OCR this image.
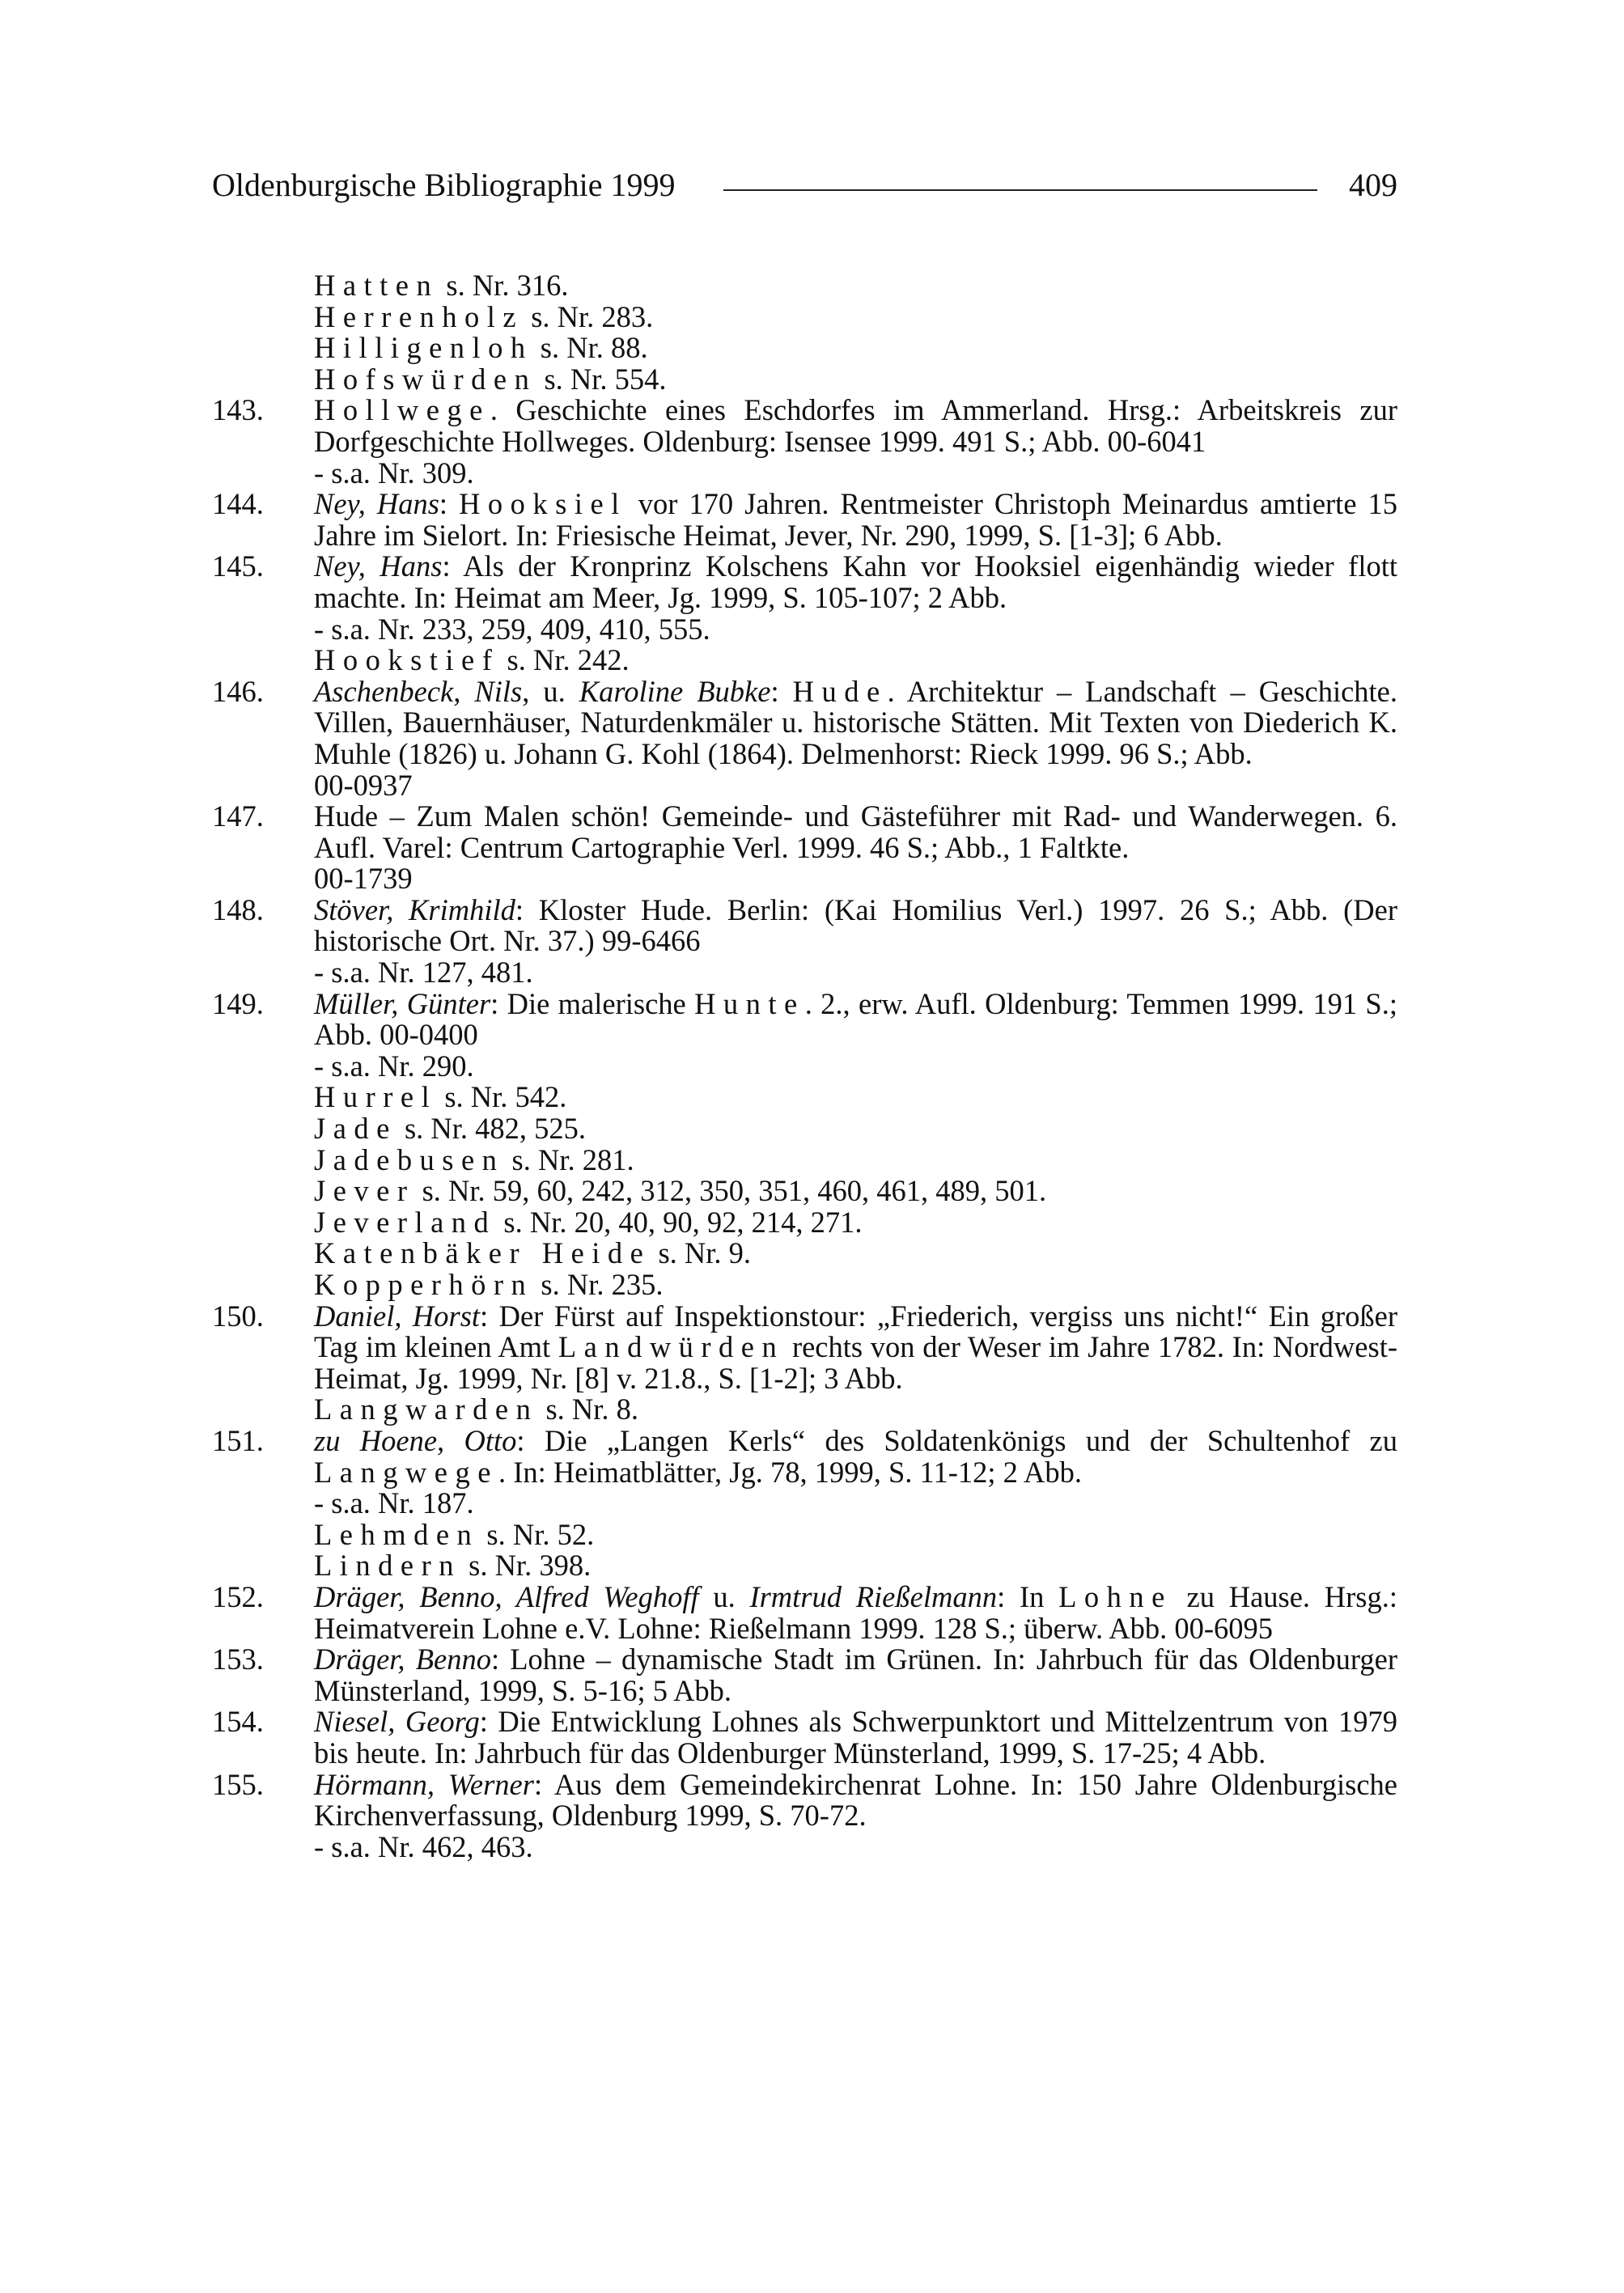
Oldenburgische Bibliographie 1999	409
Hatten s. Nr. 316.
Herrenholz s. Nr. 283.
Hilligenloh s. Nr. 88.
Hofswürden s. Nr. 554.
143. Hollwege. Geschichte eines Eschdorfes im Ammerland. Hrsg.: Arbeitskreis zur Dorfgeschichte Hollweges. Oldenburg: Isensee 1999. 491 S.; Abb. 00-6041
- s.a. Nr. 309.
144. Ney, Hans: Hooksiel vor 170 Jahren. Rentmeister Christoph Meinardus amtierte 15 Jahre im Sielort. In: Friesische Heimat, Jever, Nr. 290, 1999, S. [1-3]; 6 Abb.
145. Ney, Hans: Als der Kronprinz Kolschens Kahn vor Hooksiel eigenhändig wieder flott machte. In: Heimat am Meer, Jg. 1999, S. 105-107; 2 Abb.
- s.a. Nr. 233, 259, 409, 410, 555.
Hookstief s. Nr. 242.
146. Aschenbeck, Nils, u. Karoline Bubke: Hude. Architektur – Landschaft – Geschichte. Villen, Bauernhäuser, Naturdenkmäler u. historische Stätten. Mit Texten von Diederich K. Muhle (1826) u. Johann G. Kohl (1864). Delmenhorst: Rieck 1999. 96 S.; Abb.
00-0937
147. Hude – Zum Malen schön! Gemeinde- und Gästeführer mit Rad- und Wanderwegen. 6. Aufl. Varel: Centrum Cartographie Verl. 1999. 46 S.; Abb., 1 Faltkte.
00-1739
148. Stöver, Krimhild: Kloster Hude. Berlin: (Kai Homilius Verl.) 1997. 26 S.; Abb. (Der historische Ort. Nr. 37.) 99-6466
- s.a. Nr. 127, 481.
149. Müller, Günter: Die malerische Hunte. 2., erw. Aufl. Oldenburg: Temmen 1999. 191 S.; Abb. 00-0400
- s.a. Nr. 290.
Hurrel s. Nr. 542.
Jade s. Nr. 482, 525.
Jadebusen s. Nr. 281.
Jever s. Nr. 59, 60, 242, 312, 350, 351, 460, 461, 489, 501.
Jeverland s. Nr. 20, 40, 90, 92, 214, 271.
Katenbäker Heide s. Nr. 9.
Kopperhörn s. Nr. 235.
150. Daniel, Horst: Der Fürst auf Inspektionstour: „Friederich, vergiss uns nicht!“ Ein großer Tag im kleinen Amt Landwürden rechts von der Weser im Jahre 1782. In: Nordwest-Heimat, Jg. 1999, Nr. [8] v. 21.8., S. [1-2]; 3 Abb.
Langwarden s. Nr. 8.
151. zu Hoene, Otto: Die „Langen Kerls“ des Soldatenkönigs und der Schultenhof zu Langwege. In: Heimatblätter, Jg. 78, 1999, S. 11-12; 2 Abb.
- s.a. Nr. 187.
Lehmden s. Nr. 52.
Lindern s. Nr. 398.
152. Dräger, Benno, Alfred Weghoff u. Irmtrud Rießelmann: In Lohne zu Hause. Hrsg.: Heimatverein Lohne e.V. Lohne: Rießelmann 1999. 128 S.; überw. Abb. 00-6095
153. Dräger, Benno: Lohne – dynamische Stadt im Grünen. In: Jahrbuch für das Oldenburger Münsterland, 1999, S. 5-16; 5 Abb.
154. Niesel, Georg: Die Entwicklung Lohnes als Schwerpunktort und Mittelzentrum von 1979 bis heute. In: Jahrbuch für das Oldenburger Münsterland, 1999, S. 17-25; 4 Abb.
155. Hörmann, Werner: Aus dem Gemeindekirchenrat Lohne. In: 150 Jahre Oldenburgische Kirchenverfassung, Oldenburg 1999, S. 70-72.
- s.a. Nr. 462, 463.
